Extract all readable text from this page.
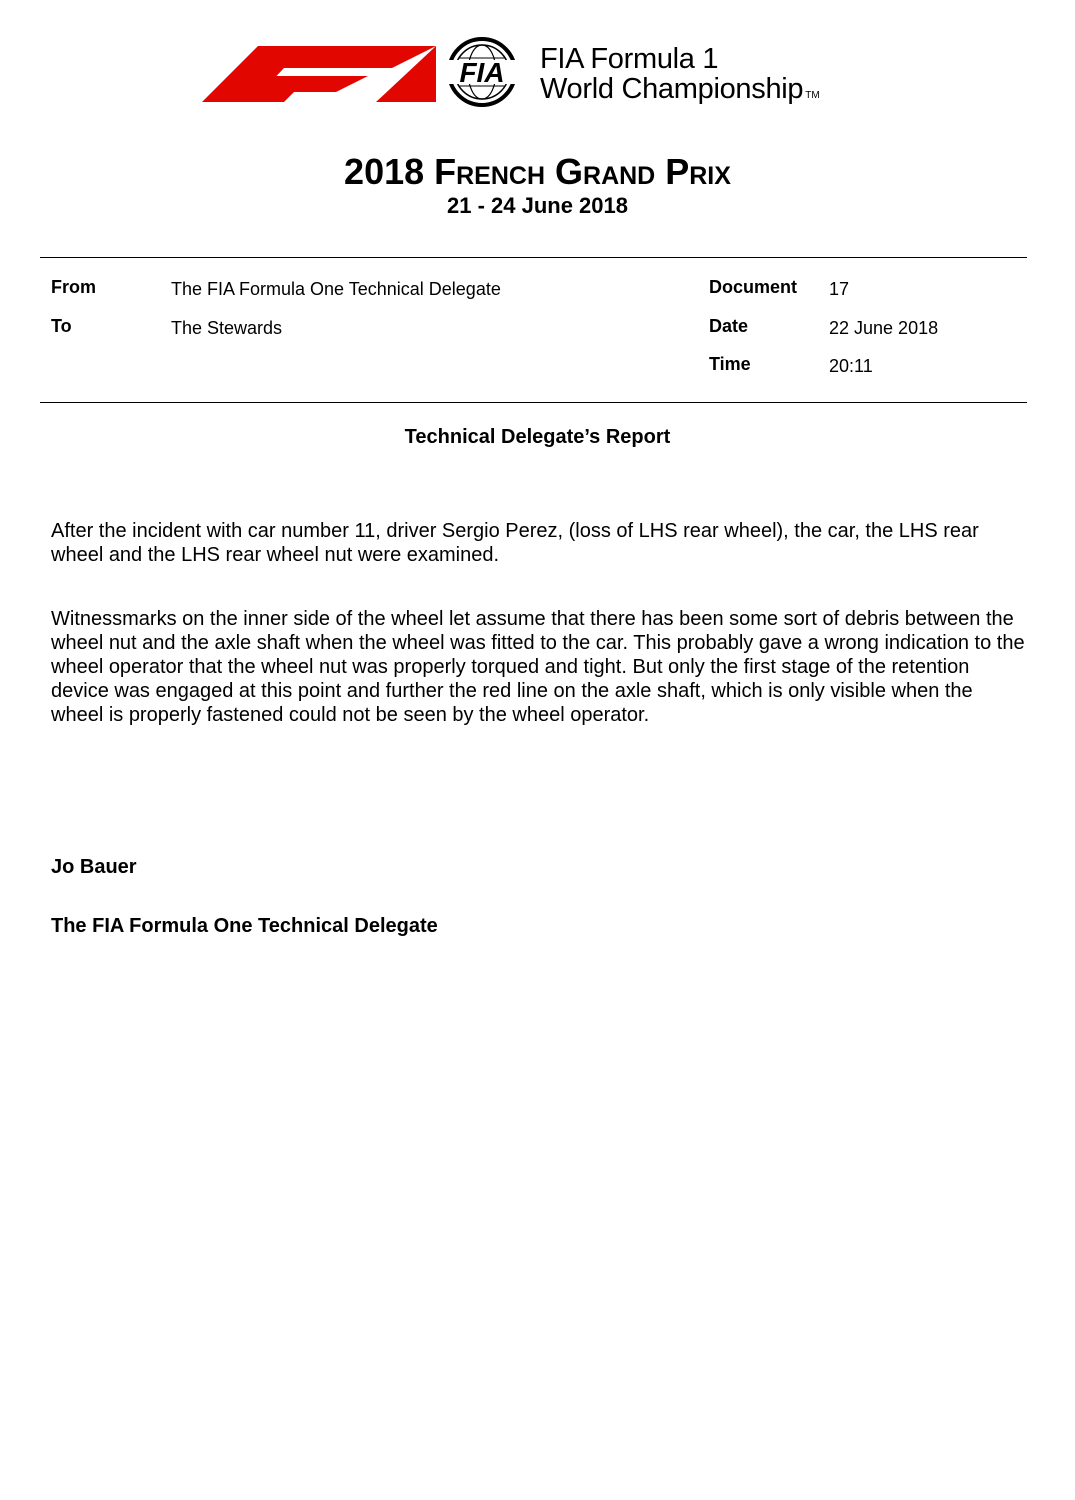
FIA FIA Formula 1
World Championship TM
2018 French Grand Prix
21 - 24 June 2018
From	The FIA Formula One Technical Delegate
To	The Stewards
Document 17
Date	22 June 2018
Time	20:11
Technical Delegate’s Report

After the incident with car number 11, driver Sergio Perez, (loss of LHS rear wheel), the car, the LHS rear wheel and the LHS rear wheel nut were examined.

Witnessmarks on the inner side of the wheel let assume that there has been some sort of debris between the wheel nut and the axle shaft when the wheel was fitted to the car. This probably gave a wrong indication to the wheel operator that the wheel nut was properly torqued and tight. But only the first stage of the retention device was engaged at this point and further the red line on the axle shaft, which is only visible when the wheel is properly fastened could not be seen by the wheel operator.

Jo Bauer
The FIA Formula One Technical Delegate
